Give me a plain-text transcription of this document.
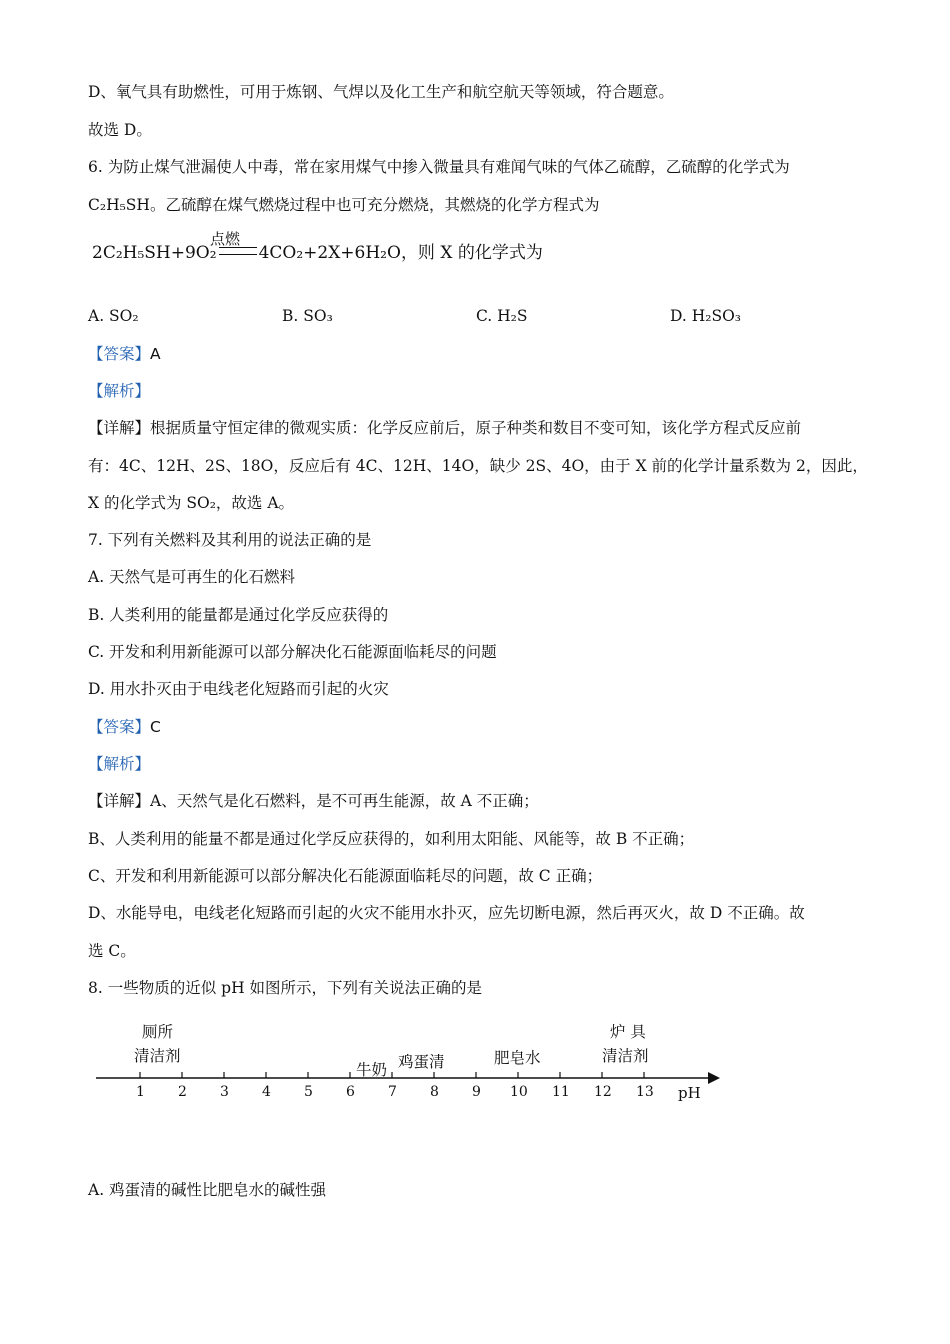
D、氧气具有助燃性，可用于炼钢、气焊以及化工生产和航空航天等领域，符合题意。
故选 D。
6. 为防止煤气泄漏使人中毒，常在家用煤气中掺入微量具有难闻气味的气体乙硫醇，乙硫醇的化学式为
C₂H₅SH。乙硫醇在煤气燃烧过程中也可充分燃烧，其燃烧的化学方程式为
2C₂H₅SH+9O₂ 4CO₂+2X+6H₂O，则 X 的化学式为
点燃
A. SO₂	B. SO₃	C. H₂S	D. H₂SO₃
【答案】A
【解析】
【详解】根据质量守恒定律的微观实质：化学反应前后，原子种类和数目不变可知，该化学方程式反应前
有：4C、12H、2S、18O，反应后有 4C、12H、14O，缺少 2S、4O，由于 X 前的化学计量系数为 2，因此，
X 的化学式为 SO₂，故选 A。
7. 下列有关燃料及其利用的说法正确的是
A. 天然气是可再生的化石燃料
B. 人类利用的能量都是通过化学反应获得的
C. 开发和利用新能源可以部分解决化石能源面临耗尽的问题
D. 用水扑灭由于电线老化短路而引起的火灾
【答案】C
【解析】
【详解】A、天然气是化石燃料，是不可再生能源，故 A 不正确；
B、人类利用的能量不都是通过化学反应获得的，如利用太阳能、风能等，故 B 不正确；
C、开发和利用新能源可以部分解决化石能源面临耗尽的问题，故 C 正确；
D、水能导电，电线老化短路而引起的火灾不能用水扑灭，应先切断电源，然后再灭火，故 D 不正确。故
选 C。
8. 一些物质的近似 pH 如图所示，下列有关说法正确的是
1 2 3 4 5 6 7 8 9 10 11 12 13
厕所
清洁剂
牛奶 鸡蛋清	肥皂水
炉 具
清洁剂
pH
A. 鸡蛋清的碱性比肥皂水的碱性强
